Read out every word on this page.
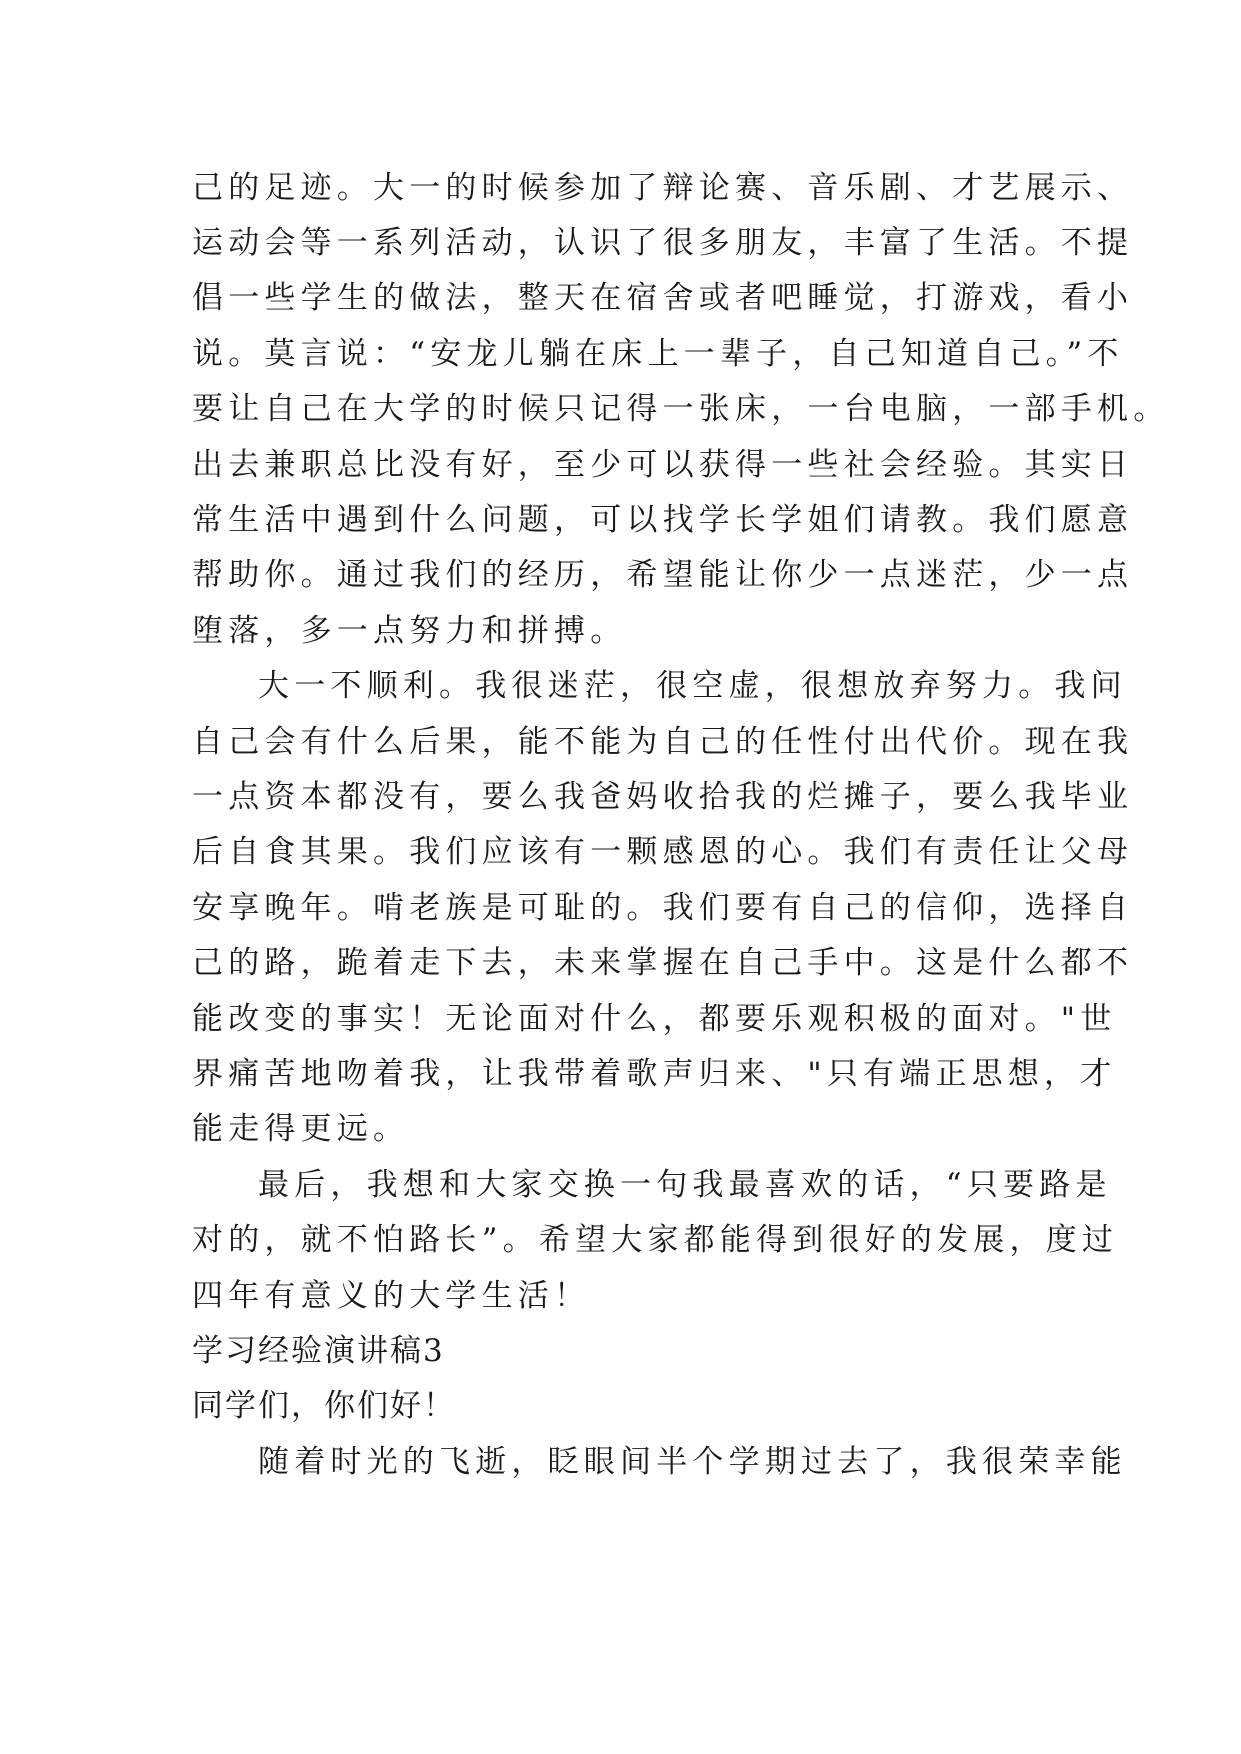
己的足迹。大一的时候参加了辩论赛、音乐剧、才艺展示、

运动会等一系列活动，认识了很多朋友，丰富了生活。不提

倡一些学生的做法，整天在宿舍或者吧睡觉，打游戏，看小

说。莫言说：“安龙儿躺在床上一辈子，自己知道自己。”不

要让自己在大学的时候只记得一张床，一台电脑，一部手机。

出去兼职总比没有好，至少可以获得一些社会经验。其实日

常生活中遇到什么问题，可以找学长学姐们请教。我们愿意

帮助你。通过我们的经历，希望能让你少一点迷茫，少一点

堕落，多一点努力和拼搏。

大一不顺利。我很迷茫，很空虚，很想放弃努力。我问

自己会有什么后果，能不能为自己的任性付出代价。现在我

一点资本都没有，要么我爸妈收拾我的烂摊子，要么我毕业

后自食其果。我们应该有一颗感恩的心。我们有责任让父母

安享晚年。啃老族是可耻的。我们要有自己的信仰，选择自

己的路，跪着走下去，未来掌握在自己手中。这是什么都不

能改变的事实！无论面对什么，都要乐观积极的面对。"世

界痛苦地吻着我，让我带着歌声归来、"只有端正思想，才

能走得更远。

最后，我想和大家交换一句我最喜欢的话，“只要路是

对的，就不怕路长”。希望大家都能得到很好的发展，度过

四年有意义的大学生活！

学习经验演讲稿3

同学们，你们好！

随着时光的飞逝，眨眼间半个学期过去了，我很荣幸能
